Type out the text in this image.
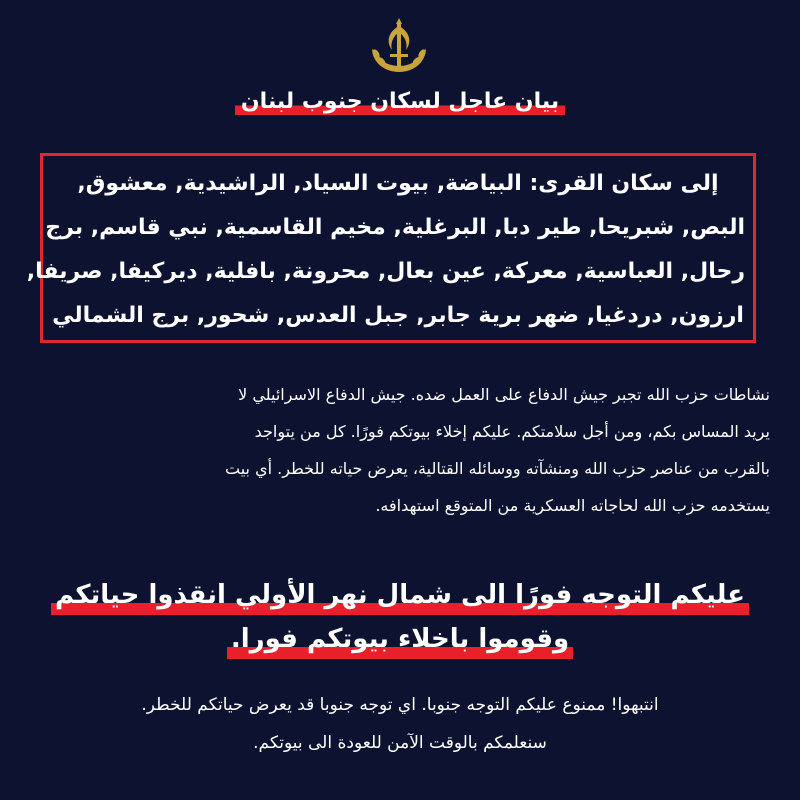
بيان عاجل لسكان جنوب لبنان
إلى سكان القرى: البياضة, بيوت السياد, الراشيدية, معشوق,
البص, شبريحا, طير دبا, البرغلية, مخيم القاسمية, نبي قاسم, برج
رحال, العباسية, معركة, عين بعال, محرونة, بافلية, ديركيفا, صريفا,
ارزون, دردغيا, ضهر برية جابر, جبل العدس, شحور, برج الشمالي
نشاطات حزب الله تجبر جيش الدفاع على العمل ضده. جيش الدفاع الاسرائيلي لا
يريد المساس بكم، ومن أجل سلامتكم. عليكم إخلاء بيوتكم فورًا. كل من يتواجد
بالقرب من عناصر حزب الله ومنشآته ووسائله القتالية، يعرض حياته للخطر. أي بيت
يستخدمه حزب الله لحاجاته العسكرية من المتوقع استهدافه.
عليكم التوجه فورًا الى شمال نهر الأولي انقذوا حياتكم
وقوموا باخلاء بيوتكم فورا.
انتبهوا! ممنوع عليكم التوجه جنوبا. اي توجه جنوبا قد يعرض حياتكم للخطر.
سنعلمكم بالوقت الآمن للعودة الى بيوتكم.
